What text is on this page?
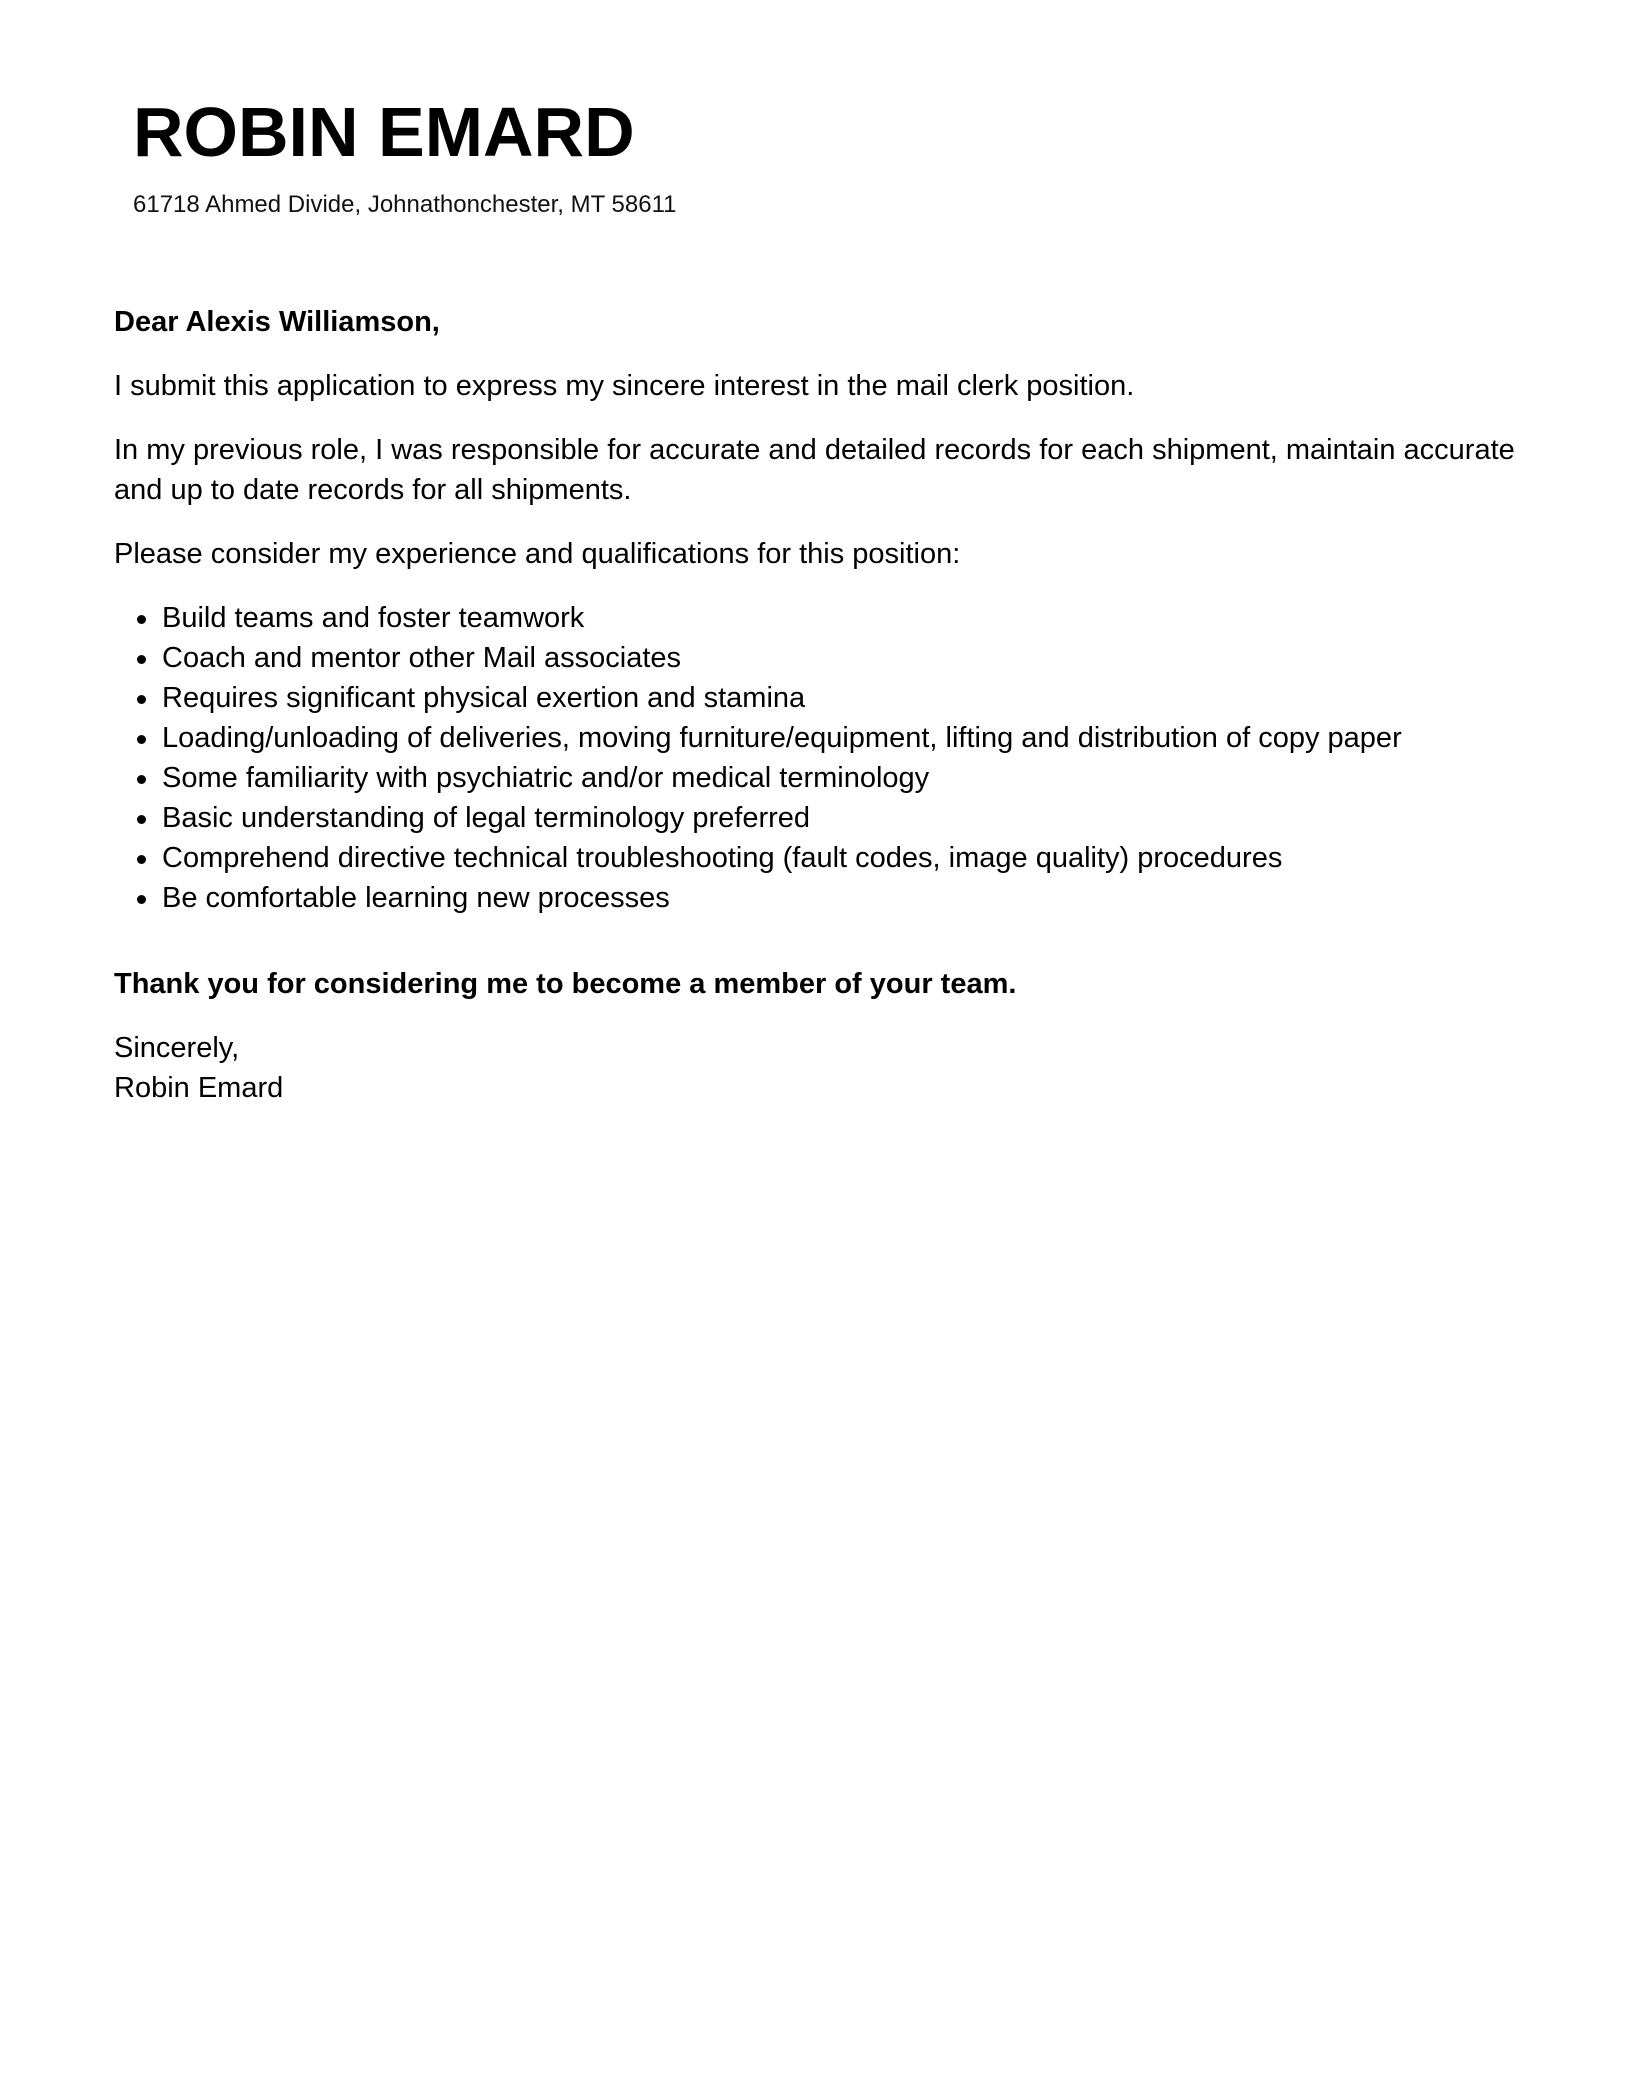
ROBIN EMARD
61718 Ahmed Divide, Johnathonchester, MT 58611

Dear Alexis Williamson,

I submit this application to express my sincere interest in the mail clerk position.

In my previous role, I was responsible for accurate and detailed records for each shipment, maintain accurate and up to date records for all shipments.

Please consider my experience and qualifications for this position:

Build teams and foster teamwork
Coach and mentor other Mail associates
Requires significant physical exertion and stamina
Loading/unloading of deliveries, moving furniture/equipment, lifting and distribution of copy paper
Some familiarity with psychiatric and/or medical terminology
Basic understanding of legal terminology preferred
Comprehend directive technical troubleshooting (fault codes, image quality) procedures
Be comfortable learning new processes

Thank you for considering me to become a member of your team.

Sincerely,
Robin Emard
